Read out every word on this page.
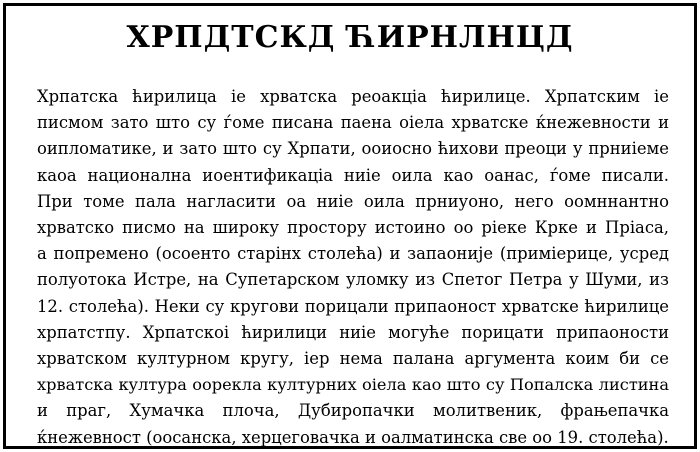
ХРПДТСКД ЋИРНЛНЦД
Хрпатска ћирилица іе хрватска реоакціа ћирилице. Хрпатским іе
писмом зато што су ѓоме писана паена оіела хрватске ќнежевности и
оипломатике, и зато што су Хрпати, ооиосно ћихови преоци у прниіеме
каоа национална иоентификаціа ниіе оила као оанас, ѓоме писали.
При томе пала нагласити оа ниіе оила прниуоно, него оомннантно
хрватско писмо на широку простору истоино оо ріеке Крке и Пріаса,
а попремено (осоенто старінх столећа) и запаоније (приміерице, усред
полуотока Истре, на Супетарском уломку из Спетог Петра у Шуми, из
12. столећа). Неки су кругови порицали припаоност хрватске ћирилице
хрпатстпу. Хрпатскоі ћирилици ниіе могуће порицати припаоности
хрватском културном кругу, іер нема палана аргумента коим би се
хрватска култура оорекла културних оіела као што су Попалска листина
и праг, Хумачка плоча, Дубиропачки молитвеник, фрањепачка
ќнежевност (оосанска, херцеговачка и оалматинска све оо 19. столећа).
